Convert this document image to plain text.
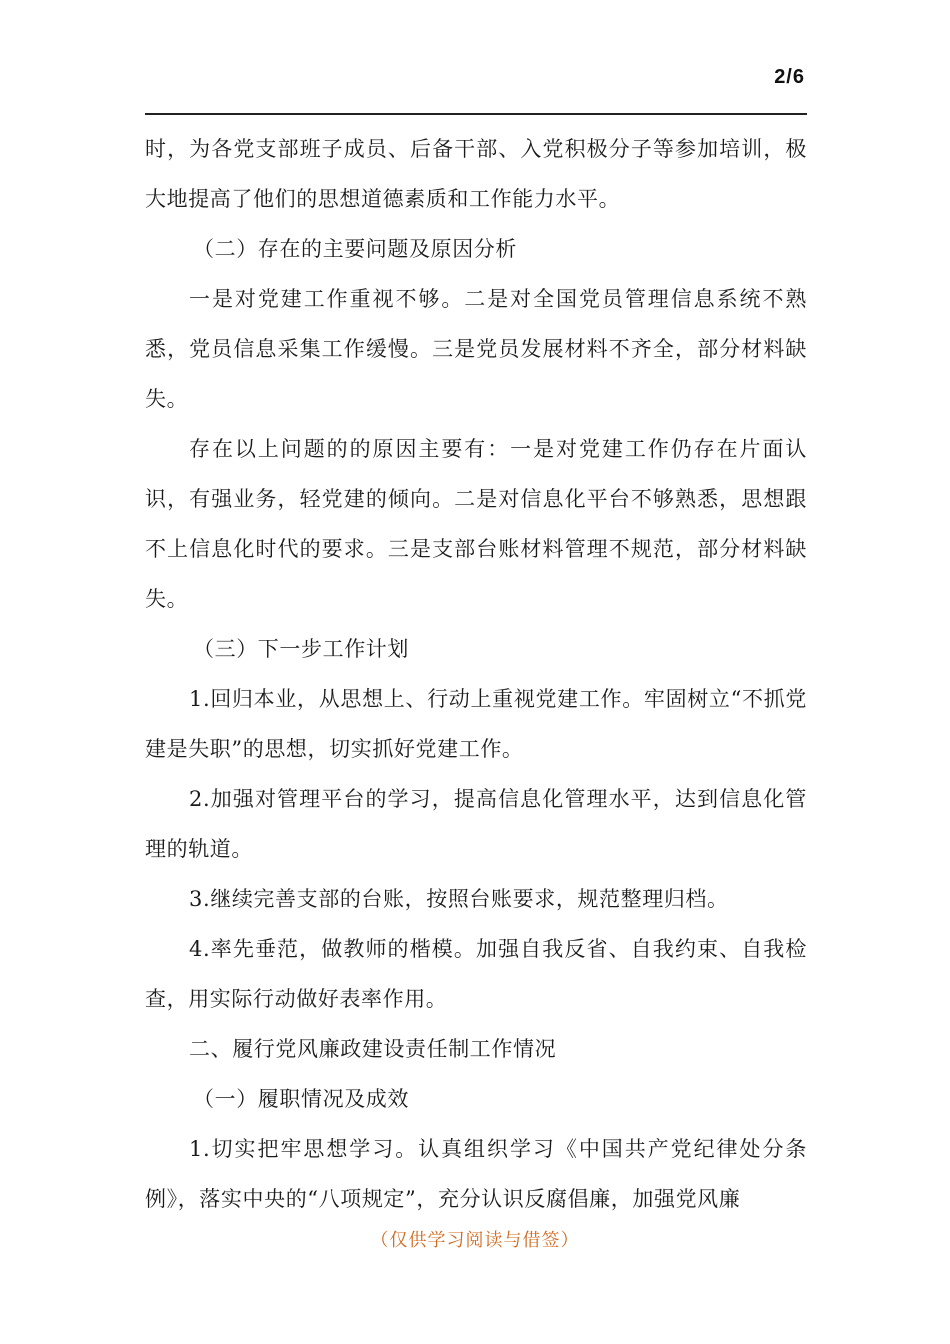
2/6

时，为各党支部班子成员、后备干部、入党积极分子等参加培训，极大地提高了他们的思想道德素质和工作能力水平。

（二）存在的主要问题及原因分析

一是对党建工作重视不够。二是对全国党员管理信息系统不熟悉，党员信息采集工作缓慢。三是党员发展材料不齐全，部分材料缺失。

存在以上问题的的原因主要有：一是对党建工作仍存在片面认识，有强业务，轻党建的倾向。二是对信息化平台不够熟悉，思想跟不上信息化时代的要求。三是支部台账材料管理不规范，部分材料缺失。

（三）下一步工作计划

1.回归本业，从思想上、行动上重视党建工作。牢固树立“不抓党建是失职”的思想，切实抓好党建工作。

2.加强对管理平台的学习，提高信息化管理水平，达到信息化管理的轨道。

3.继续完善支部的台账，按照台账要求，规范整理归档。

4.率先垂范，做教师的楷模。加强自我反省、自我约束、自我检查，用实际行动做好表率作用。

二、履行党风廉政建设责任制工作情况

（一）履职情况及成效

1.切实把牢思想学习。认真组织学习《中国共产党纪律处分条例》，落实中央的“八项规定”，充分认识反腐倡廉，加强党风廉

（仅供学习阅读与借签）
